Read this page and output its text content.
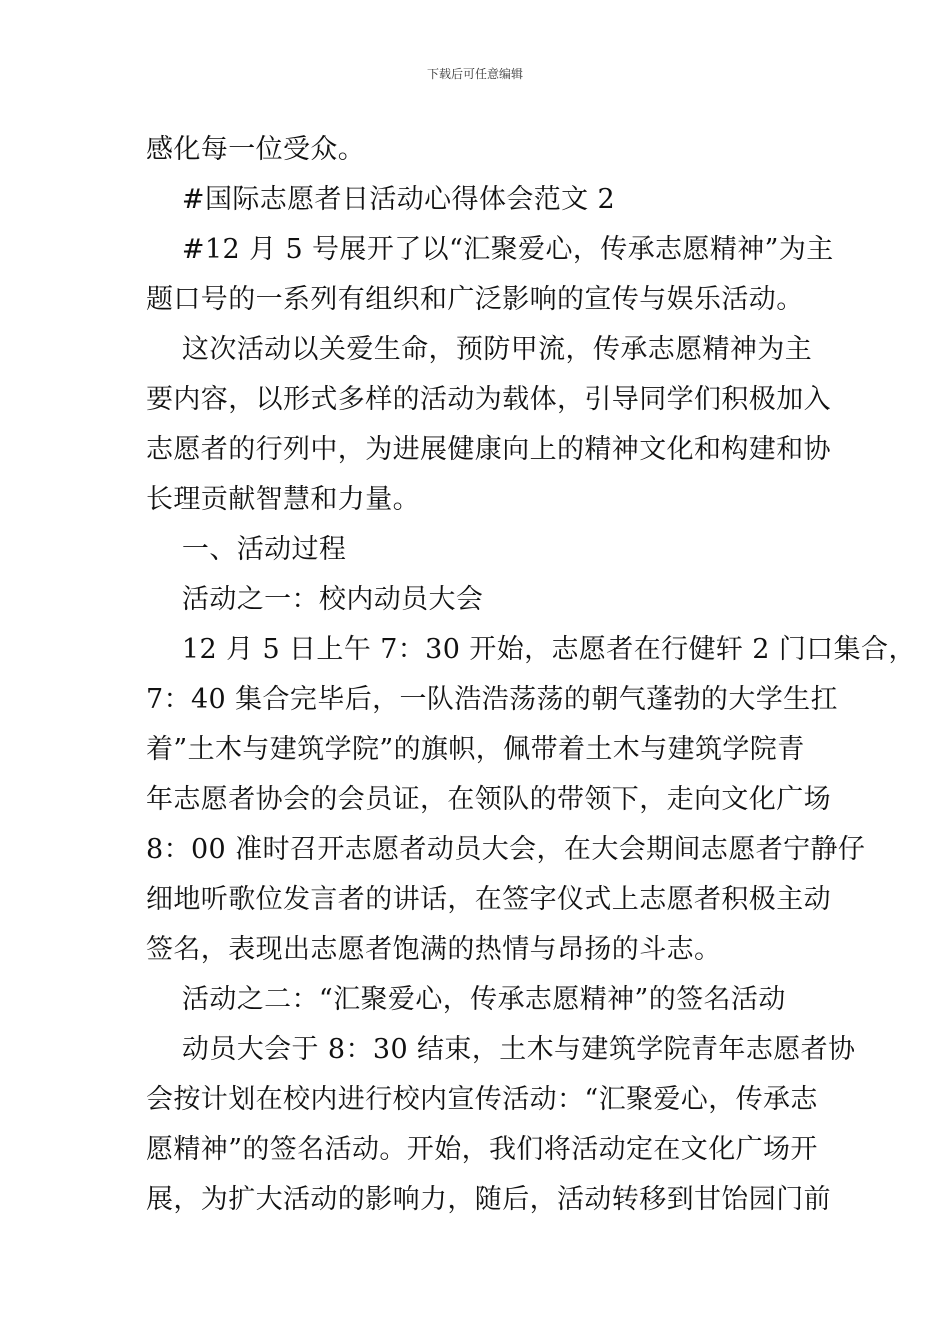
下载后可任意编辑
感化每一位受众。
#国际志愿者日活动心得体会范文 2
#12 月 5 号展开了以“汇聚爱心，传承志愿精神”为主
题口号的一系列有组织和广泛影响的宣传与娱乐活动。
这次活动以关爱生命，预防甲流，传承志愿精神为主
要内容，以形式多样的活动为载体，引导同学们积极加入
志愿者的行列中，为进展健康向上的精神文化和构建和协
长理贡献智慧和力量。
一、活动过程
活动之一：校内动员大会
12 月 5 日上午 7：30 开始，志愿者在行健轩 2 门口集合，
7：40 集合完毕后，一队浩浩荡荡的朝气蓬勃的大学生扛
着”土木与建筑学院”的旗帜，佩带着土木与建筑学院青
年志愿者协会的会员证，在领队的带领下，走向文化广场
8：00 准时召开志愿者动员大会，在大会期间志愿者宁静仔
细地听歌位发言者的讲话，在签字仪式上志愿者积极主动
签名，表现出志愿者饱满的热情与昂扬的斗志。
活动之二：“汇聚爱心，传承志愿精神”的签名活动
动员大会于 8：30 结束，土木与建筑学院青年志愿者协
会按计划在校内进行校内宣传活动：“汇聚爱心，传承志
愿精神”的签名活动。开始，我们将活动定在文化广场开
展，为扩大活动的影响力，随后，活动转移到甘饴园门前
